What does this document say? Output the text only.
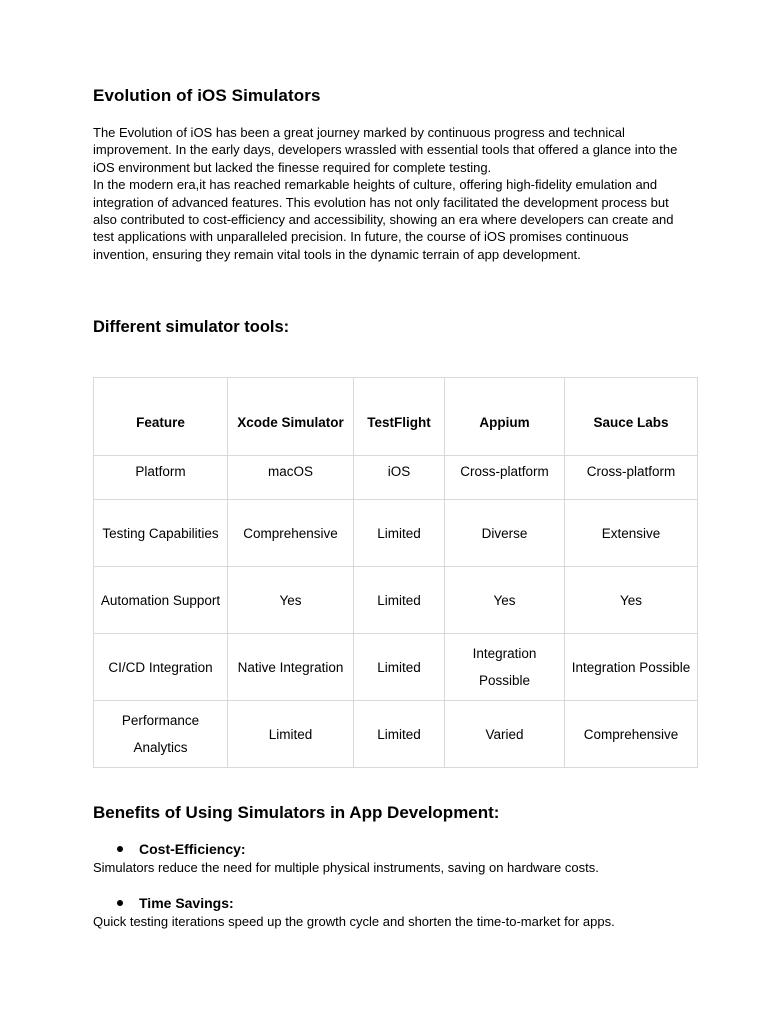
Evolution of iOS Simulators

The Evolution of iOS has been a great journey marked by continuous progress and technical improvement. In the early days, developers wrassled with essential tools that offered a glance into the iOS environment but lacked the finesse required for complete testing.

In the modern era,it has reached remarkable heights of culture, offering high-fidelity emulation and integration of advanced features. This evolution has not only facilitated the development process but also contributed to cost-efficiency and accessibility, showing an era where developers can create and test applications with unparalleled precision. In future, the course of iOS promises continuous invention, ensuring they remain vital tools in the dynamic terrain of app development.

Different simulator tools:
Feature	Xcode Simulator	TestFlight	Appium	Sauce Labs
Platform	macOS	iOS	Cross-platform	Cross-platform
Testing Capabilities	Comprehensive	Limited	Diverse	Extensive
Automation Support	Yes	Limited	Yes	Yes
CI/CD Integration	Native Integration	Limited	Integration Possible	Integration Possible
Performance Analytics	Limited	Limited	Varied	Comprehensive
Benefits of Using Simulators in App Development:
Cost-Efficiency:
Simulators reduce the need for multiple physical instruments, saving on hardware costs.
Time Savings:
Quick testing iterations speed up the growth cycle and shorten the time-to-market for apps.
